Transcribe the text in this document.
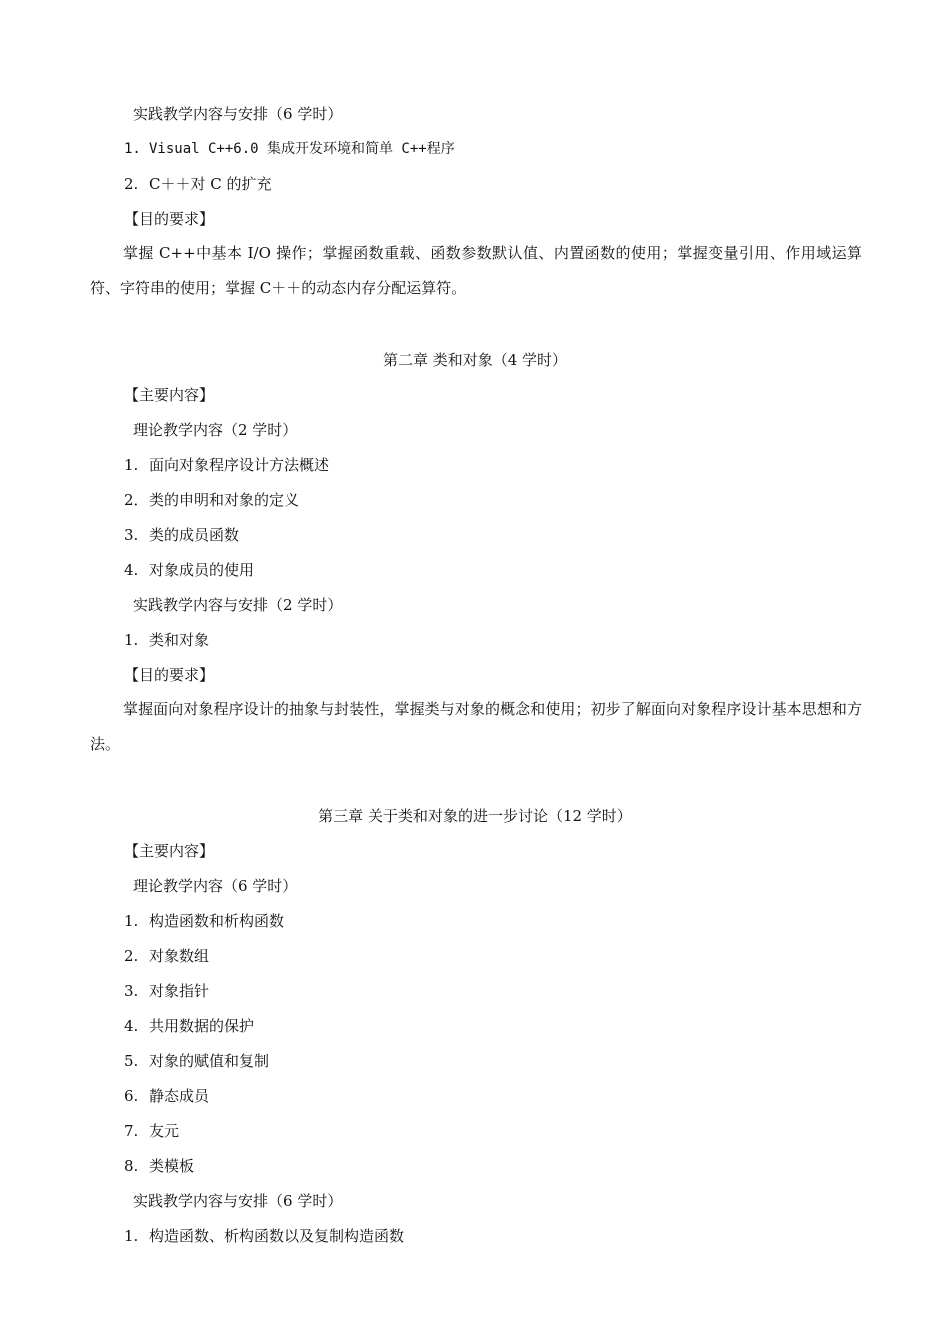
实践教学内容与安排（6 学时）
1. Visual C++6.0 集成开发环境和简单 C++程序
2. C＋＋对 C 的扩充
【目的要求】
掌握 C++中基本 I/O 操作；掌握函数重载、函数参数默认值、内置函数的使用；掌握变量引用、作用域运算符、字符串的使用；掌握 C＋＋的动态内存分配运算符。
第二章 类和对象（4 学时）
【主要内容】
理论教学内容（2 学时）
1. 面向对象程序设计方法概述
2．类的申明和对象的定义
3. 类的成员函数
4. 对象成员的使用
实践教学内容与安排（2 学时）
1. 类和对象
【目的要求】
掌握面向对象程序设计的抽象与封装性，掌握类与对象的概念和使用；初步了解面向对象程序设计基本思想和方法。
第三章 关于类和对象的进一步讨论（12 学时）
【主要内容】
理论教学内容（6 学时）
1. 构造函数和析构函数
2. 对象数组
3. 对象指针
4. 共用数据的保护
5. 对象的赋值和复制
6. 静态成员
7. 友元
8. 类模板
实践教学内容与安排（6 学时）
1. 构造函数、析构函数以及复制构造函数
